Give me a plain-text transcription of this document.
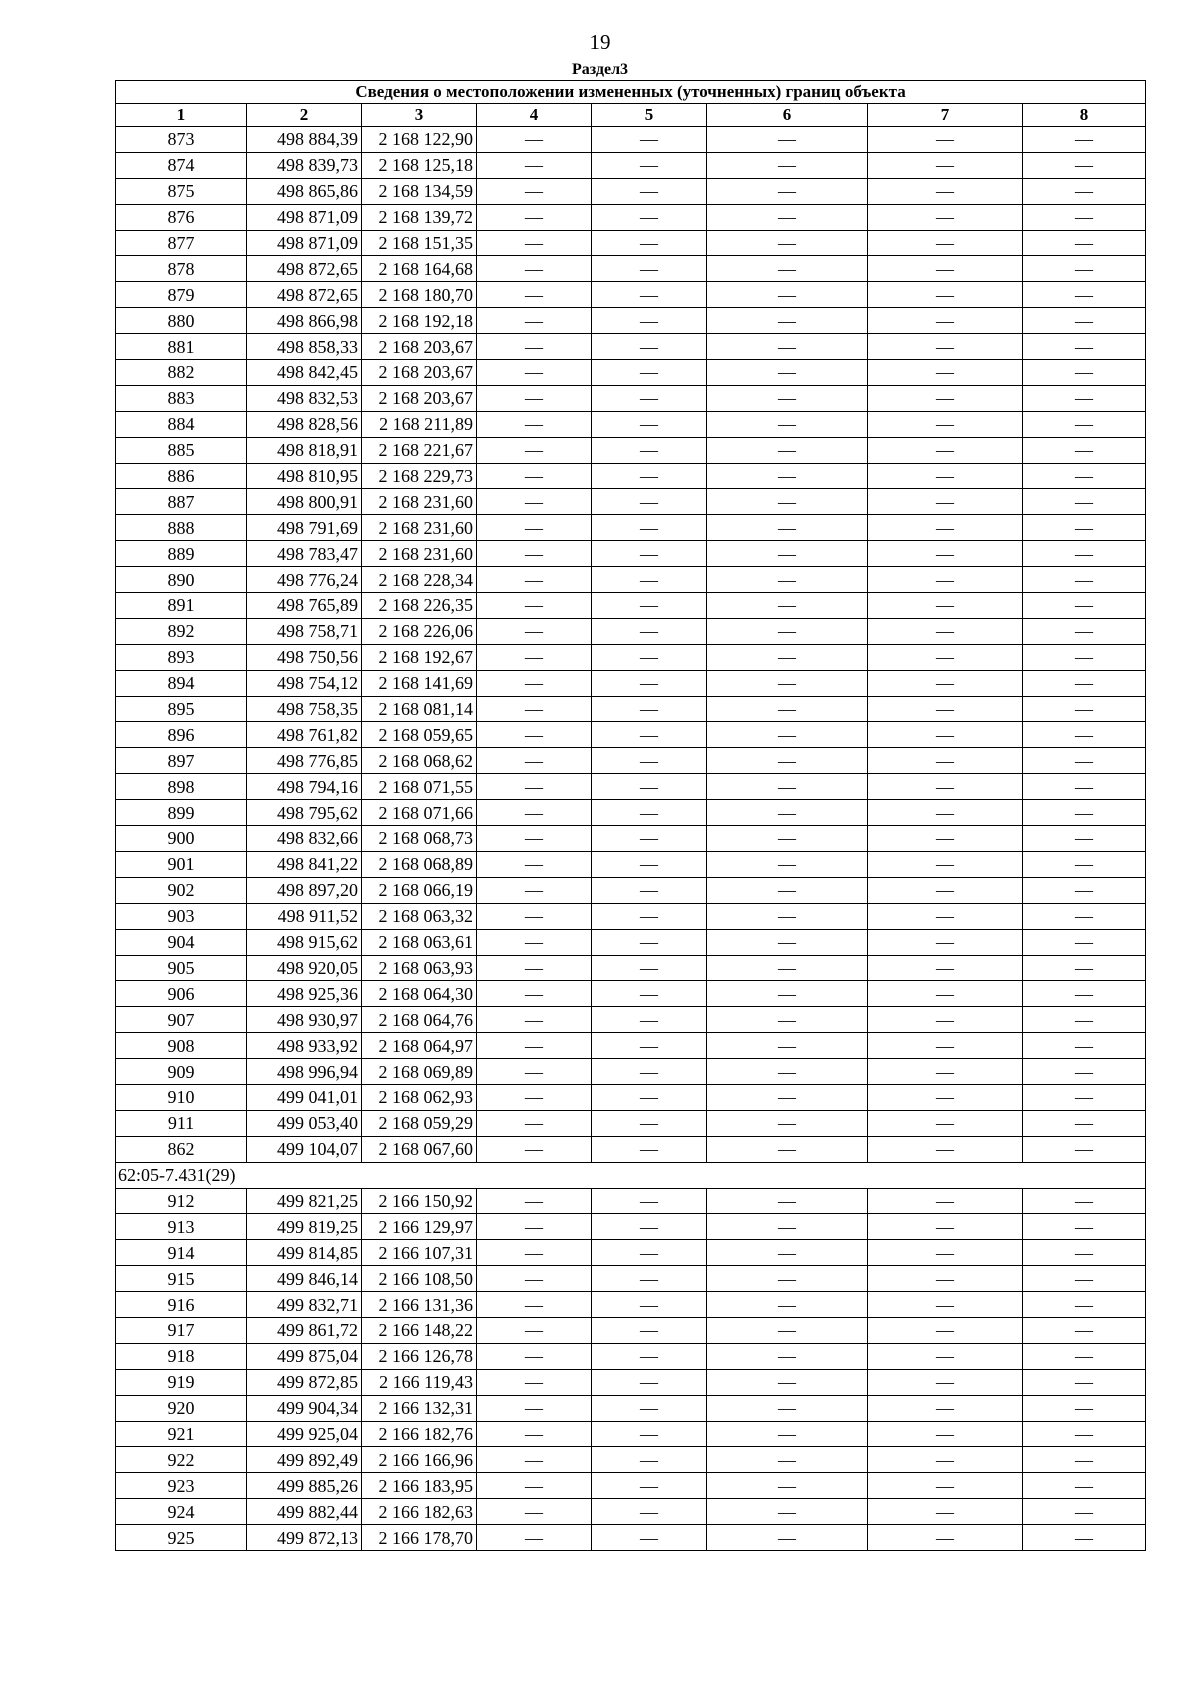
19
Раздел3
Сведения о местоположении измененных (уточненных) границ объекта							
1	2	3	4	5	6	7	8
873	498 884,39	2 168 122,90	—	—	—	—	—
874	498 839,73	2 168 125,18	—	—	—	—	—
875	498 865,86	2 168 134,59	—	—	—	—	—
876	498 871,09	2 168 139,72	—	—	—	—	—
877	498 871,09	2 168 151,35	—	—	—	—	—
878	498 872,65	2 168 164,68	—	—	—	—	—
879	498 872,65	2 168 180,70	—	—	—	—	—
880	498 866,98	2 168 192,18	—	—	—	—	—
881	498 858,33	2 168 203,67	—	—	—	—	—
882	498 842,45	2 168 203,67	—	—	—	—	—
883	498 832,53	2 168 203,67	—	—	—	—	—
884	498 828,56	2 168 211,89	—	—	—	—	—
885	498 818,91	2 168 221,67	—	—	—	—	—
886	498 810,95	2 168 229,73	—	—	—	—	—
887	498 800,91	2 168 231,60	—	—	—	—	—
888	498 791,69	2 168 231,60	—	—	—	—	—
889	498 783,47	2 168 231,60	—	—	—	—	—
890	498 776,24	2 168 228,34	—	—	—	—	—
891	498 765,89	2 168 226,35	—	—	—	—	—
892	498 758,71	2 168 226,06	—	—	—	—	—
893	498 750,56	2 168 192,67	—	—	—	—	—
894	498 754,12	2 168 141,69	—	—	—	—	—
895	498 758,35	2 168 081,14	—	—	—	—	—
896	498 761,82	2 168 059,65	—	—	—	—	—
897	498 776,85	2 168 068,62	—	—	—	—	—
898	498 794,16	2 168 071,55	—	—	—	—	—
899	498 795,62	2 168 071,66	—	—	—	—	—
900	498 832,66	2 168 068,73	—	—	—	—	—
901	498 841,22	2 168 068,89	—	—	—	—	—
902	498 897,20	2 168 066,19	—	—	—	—	—
903	498 911,52	2 168 063,32	—	—	—	—	—
904	498 915,62	2 168 063,61	—	—	—	—	—
905	498 920,05	2 168 063,93	—	—	—	—	—
906	498 925,36	2 168 064,30	—	—	—	—	—
907	498 930,97	2 168 064,76	—	—	—	—	—
908	498 933,92	2 168 064,97	—	—	—	—	—
909	498 996,94	2 168 069,89	—	—	—	—	—
910	499 041,01	2 168 062,93	—	—	—	—	—
911	499 053,40	2 168 059,29	—	—	—	—	—
862	499 104,07	2 168 067,60	—	—	—	—	—
62:05-7.431(29)							
912	499 821,25	2 166 150,92	—	—	—	—	—
913	499 819,25	2 166 129,97	—	—	—	—	—
914	499 814,85	2 166 107,31	—	—	—	—	—
915	499 846,14	2 166 108,50	—	—	—	—	—
916	499 832,71	2 166 131,36	—	—	—	—	—
917	499 861,72	2 166 148,22	—	—	—	—	—
918	499 875,04	2 166 126,78	—	—	—	—	—
919	499 872,85	2 166 119,43	—	—	—	—	—
920	499 904,34	2 166 132,31	—	—	—	—	—
921	499 925,04	2 166 182,76	—	—	—	—	—
922	499 892,49	2 166 166,96	—	—	—	—	—
923	499 885,26	2 166 183,95	—	—	—	—	—
924	499 882,44	2 166 182,63	—	—	—	—	—
925	499 872,13	2 166 178,70	—	—	—	—	—
